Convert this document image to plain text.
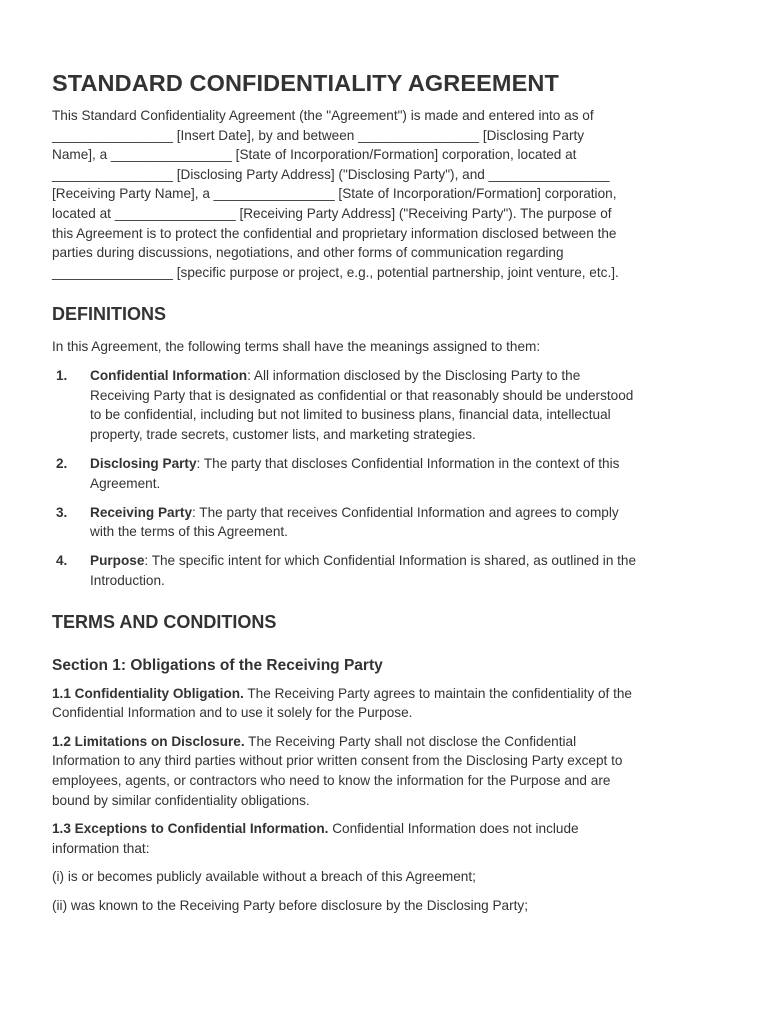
STANDARD CONFIDENTIALITY AGREEMENT

This Standard Confidentiality Agreement (the "Agreement") is made and entered into as of
________________ [Insert Date], by and between ________________ [Disclosing Party
Name], a ________________ [State of Incorporation/Formation] corporation, located at
________________ [Disclosing Party Address] ("Disclosing Party"), and ________________
[Receiving Party Name], a ________________ [State of Incorporation/Formation] corporation,
located at ________________ [Receiving Party Address] ("Receiving Party"). The purpose of
this Agreement is to protect the confidential and proprietary information disclosed between the
parties during discussions, negotiations, and other forms of communication regarding
________________ [specific purpose or project, e.g., potential partnership, joint venture, etc.].

DEFINITIONS

In this Agreement, the following terms shall have the meanings assigned to them:

1. Confidential Information: All information disclosed by the Disclosing Party to the
Receiving Party that is designated as confidential or that reasonably should be understood
to be confidential, including but not limited to business plans, financial data, intellectual
property, trade secrets, customer lists, and marketing strategies.
2. Disclosing Party: The party that discloses Confidential Information in the context of this
Agreement.
3. Receiving Party: The party that receives Confidential Information and agrees to comply
with the terms of this Agreement.
4. Purpose: The specific intent for which Confidential Information is shared, as outlined in the
Introduction.
TERMS AND CONDITIONS
Section 1: Obligations of the Receiving Party

1.1 Confidentiality Obligation. The Receiving Party agrees to maintain the confidentiality of the
Confidential Information and to use it solely for the Purpose.

1.2 Limitations on Disclosure. The Receiving Party shall not disclose the Confidential
Information to any third parties without prior written consent from the Disclosing Party except to
employees, agents, or contractors who need to know the information for the Purpose and are
bound by similar confidentiality obligations.

1.3 Exceptions to Confidential Information. Confidential Information does not include
information that:

(i) is or becomes publicly available without a breach of this Agreement;

(ii) was known to the Receiving Party before disclosure by the Disclosing Party;
